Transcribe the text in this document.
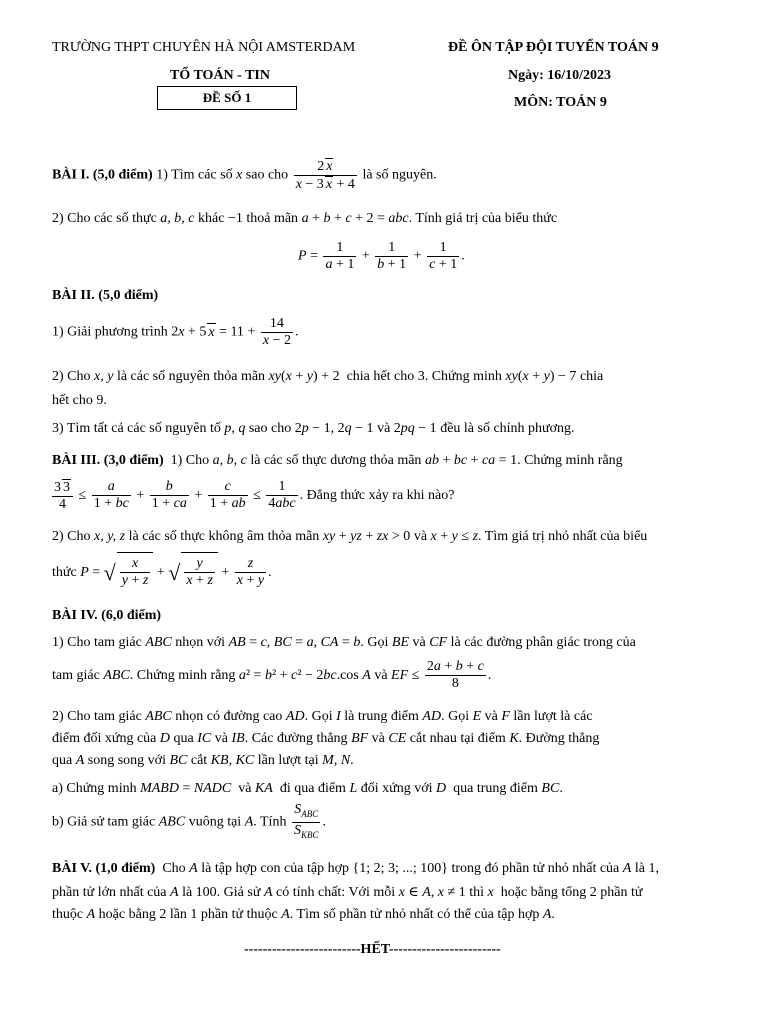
TRƯỜNG THPT CHUYÊN HÀ NỘI AMSTERDAM
TỔ TOÁN - TIN
ĐỀ SỐ 1
ĐỀ ÔN TẬP ĐỘI TUYỂN TOÁN 9
Ngày: 16/10/2023
MÔN: TOÁN 9
BÀI I. (5,0 điểm) 1) Tìm các số x sao cho $\frac{2 x}{x - 3 x + 4}$ là số nguyên.
2) Cho các số thực a, b, c khác −1 thoả mãn a + b + c + 2 = abc. Tính giá trị của biểu thức
$P = \frac{1}{a + 1} + \frac{1}{b + 1} + \frac{1}{c + 1}$ .
BÀI II. (5,0 điểm)
1) Giải phương trình 2x + 5 $x = 11 + \frac{14}{x - 2}$ .
2) Cho x, y là các số nguyên thỏa mãn xy(x + y) + 2  chia hết cho 3. Chứng minh xy(x + y) − 7 chia
hết cho 9.
3) Tìm tất cả các số nguyên tố p, q sao cho 2p − 1, 2q − 1 và 2pq − 1 đều là số chính phương.
BÀI III. (3,0 điểm) 1) Cho a, b, c là các số thực dương thỏa mãn ab + bc + ca = 1. Chứng minh rằng
$\frac{3 3}{4} \le \frac{a}{1 + bc} + \frac{b}{1 + ca} + \frac{c}{1 + ab} \le \frac{1}{\text{4abc}}$ . Đẳng thức xảy ra khi nào?
2) Cho x, y, z là các số thực không âm thỏa mãn xy + yz + zx > 0 và x + y ≤ z. Tìm giá trị nhỏ nhất của biểu
thức P = √ $\frac{x}{y + z}$ + √ $\frac{y}{x + z} + \frac{z}{x + y}$ .
BÀI IV. (6,0 điểm)
1) Cho tam giác ABC nhọn với AB = c, BC = a, CA = b. Gọi BE và CF là các đường phân giác trong của
tam giác ABC. Chứng minh rằng a² = b² + c² − 2bc.cos A và EF ≤ $\frac{2a + b + c}{8}$ .
2) Cho tam giác ABC nhọn có đường cao AD. Gọi I là trung điểm AD. Gọi E và F lần lượt là các
điểm đối xứng của D qua IC và IB. Các đường thẳng BF và CE cắt nhau tại điểm K. Đường thẳng
qua A song song với BC cắt KB, KC lần lượt tại M, N.
a) Chứng minh MABD = NADC và KA đi qua điểm L đối xứng với D qua trung điểm BC.
b) Giả sử tam giác ABC vuông tại A. Tính $\frac{S_{ABC}}{S_{KBC}}$ .
BÀI V. (1,0 điểm) Cho A là tập hợp con của tập hợp {1; 2; 3; ...; 100} trong đó phần tử nhỏ nhất của A là 1,
phần tử lớn nhất của A là 100. Giả sử A có tính chất: Với mỗi x ∈ A, x ≠ 1 thì x hoặc bằng tổng 2 phần tử
thuộc A hoặc bằng 2 lần 1 phần tử thuộc A. Tìm số phần tử nhỏ nhất có thể của tập hợp A.
-------------------------HẾT------------------------
